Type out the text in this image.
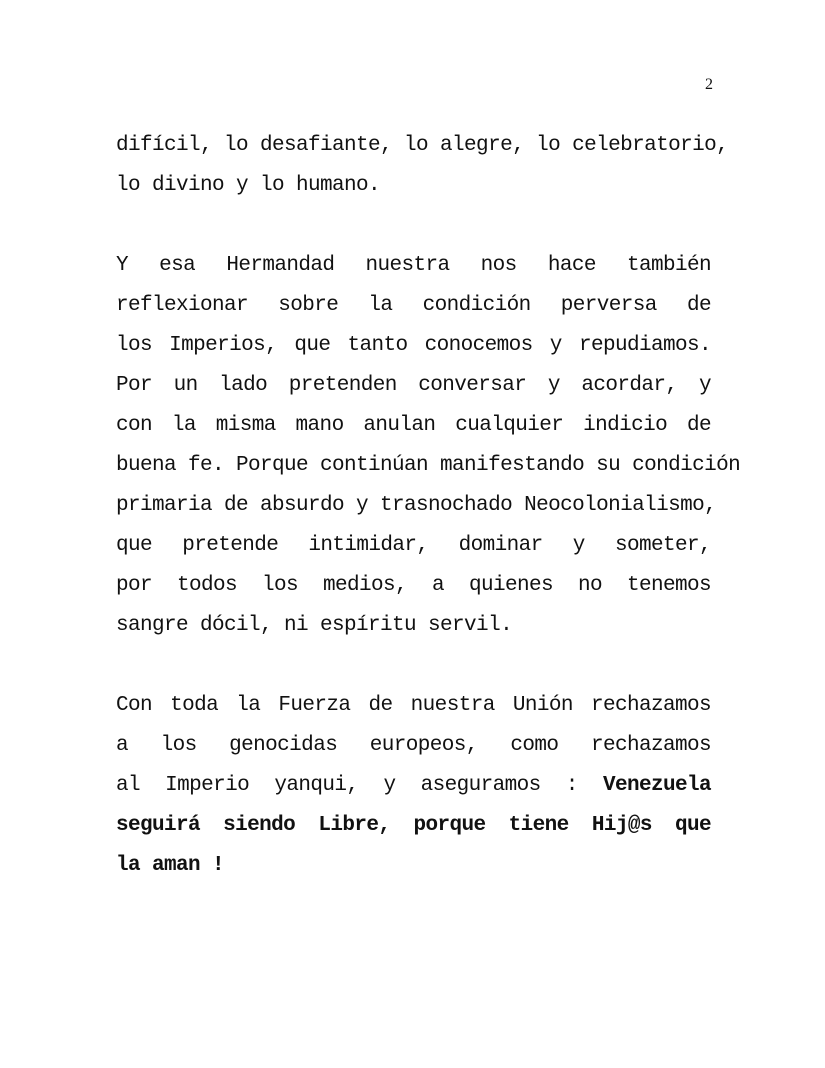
2
difícil, lo desafiante, lo alegre, lo celebratorio,
lo divino y lo humano.
Y esa Hermandad nuestra nos hace también
reflexionar sobre la condición perversa de
los Imperios, que tanto conocemos y repudiamos.
Por un lado pretenden conversar y acordar, y
con la misma mano anulan cualquier indicio de
buena fe. Porque continúan manifestando su condición
primaria de absurdo y trasnochado Neocolonialismo,
que pretende intimidar, dominar y someter,
por todos los medios, a quienes no tenemos
sangre dócil, ni espíritu servil.
Con toda la Fuerza de nuestra Unión rechazamos
a los genocidas europeos, como rechazamos
al Imperio yanqui, y aseguramos : Venezuela
seguirá siendo Libre, porque tiene Hij@s que
la aman !
